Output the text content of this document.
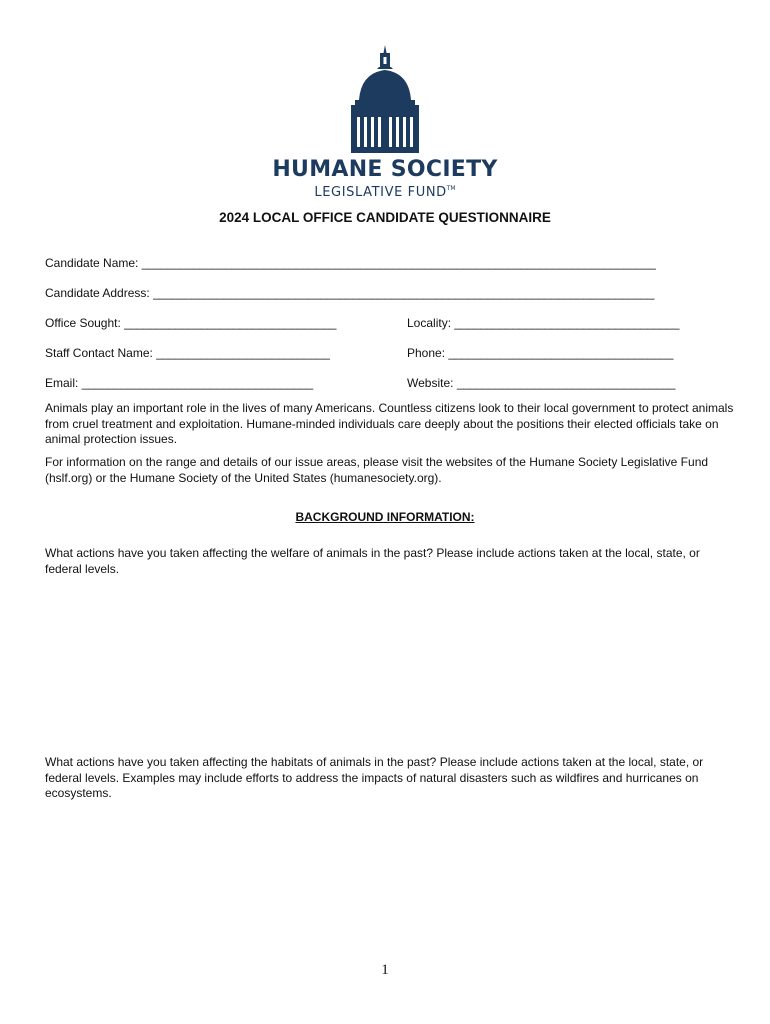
HUMANE SOCIETY
LEGISLATIVE FUND™
2024 LOCAL OFFICE CANDIDATE QUESTIONNAIRE
Candidate Name: ________________________________________________________________________________
Candidate Address: ______________________________________________________________________________
Office Sought: _________________________________	Locality: ___________________________________
Staff Contact Name: ___________________________	Phone: ___________________________________
Email: ____________________________________	Website: __________________________________
Animals play an important role in the lives of many Americans. Countless citizens look to their local government to protect animals from cruel treatment and exploitation. Humane-minded individuals care deeply about the positions their elected officials take on animal protection issues.
For information on the range and details of our issue areas, please visit the websites of the Humane Society Legislative Fund (hslf.org) or the Humane Society of the United States (humanesociety.org).
BACKGROUND INFORMATION:
What actions have you taken affecting the welfare of animals in the past? Please include actions taken at the local, state, or federal levels.
What actions have you taken affecting the habitats of animals in the past? Please include actions taken at the local, state, or federal levels. Examples may include efforts to address the impacts of natural disasters such as wildfires and hurricanes on ecosystems.
1
